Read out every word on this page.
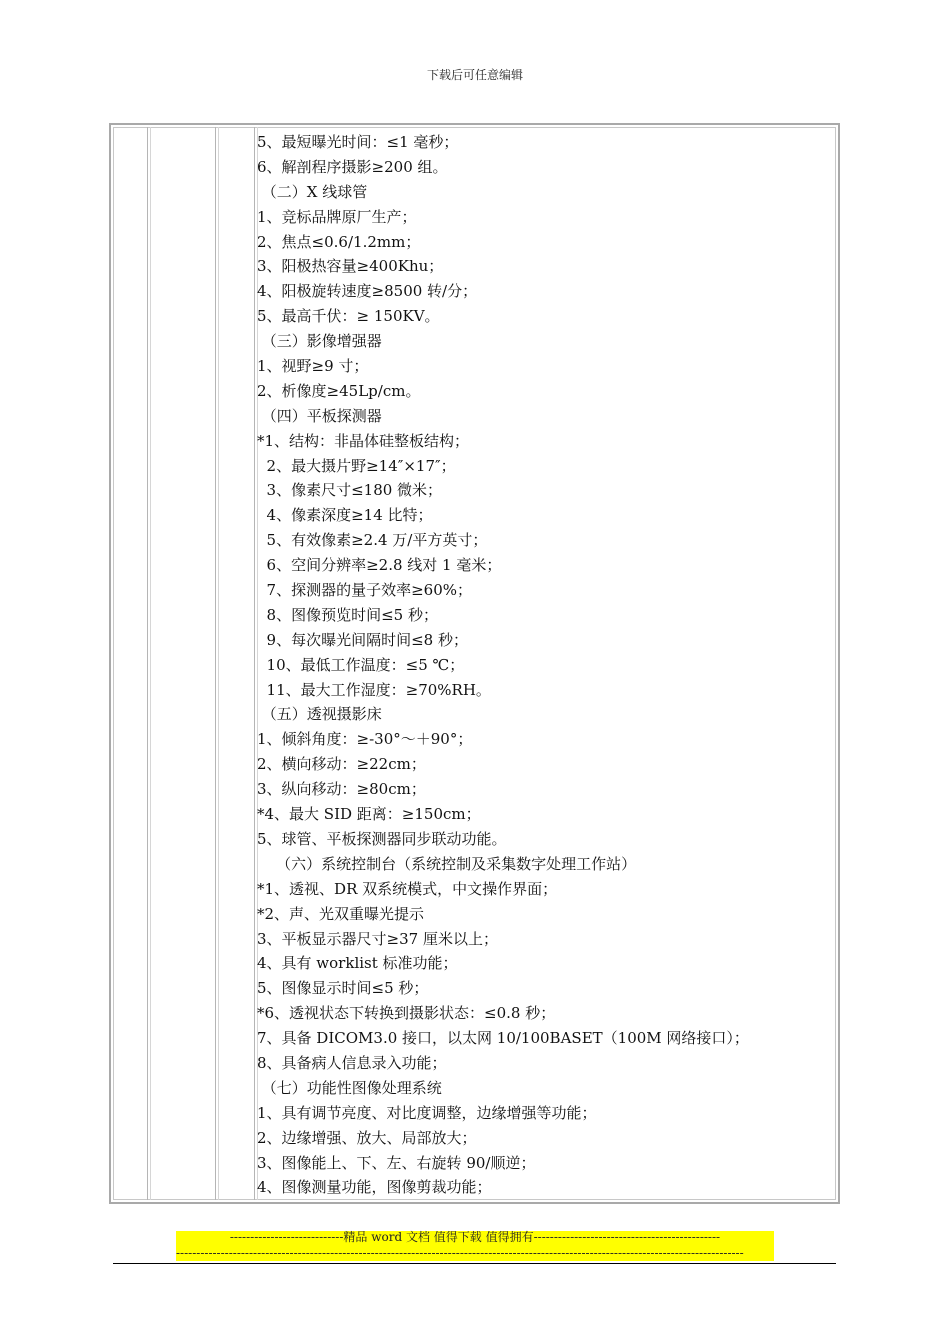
下载后可任意编辑
5、最短曝光时间：≤1 毫秒；
6、解剖程序摄影≥200 组。
（二）X 线球管
1、竞标品牌原厂生产；
2、焦点≤0.6/1.2mm；
3、阳极热容量≥400Khu；
4、阳极旋转速度≥8500 转/分；
5、最高千伏：≥ 150KV。
（三）影像增强器
1、视野≥9 寸；
2、析像度≥45Lp/cm。
（四）平板探测器
*1、结构：非晶体硅整板结构；
2、最大摄片野≥14″×17″；
3、像素尺寸≤180 微米；
4、像素深度≥14 比特；
5、有效像素≥2.4 万/平方英寸；
6、空间分辨率≥2.8 线对 1 毫米；
7、探测器的量子效率≥60%；
8、图像预览时间≤5 秒；
9、每次曝光间隔时间≤8 秒；
10、最低工作温度：≤5 ℃；
11、最大工作湿度：≥70%RH。
（五）透视摄影床
1、倾斜角度：≥-30°～＋90°；
2、横向移动：≥22cm；
3、纵向移动：≥80cm；
*4、最大 SID 距离：≥150cm；
5、球管、平板探测器同步联动功能。
（六）系统控制台（系统控制及采集数字处理工作站）
*1、透视、DR 双系统模式，中文操作界面；
*2、声、光双重曝光提示
3、平板显示器尺寸≥37 厘米以上；
4、具有 worklist 标准功能；
5、图像显示时间≤5 秒；
*6、透视状态下转换到摄影状态：≤0.8 秒；
7、具备 DICOM3.0 接口，以太网 10/100BASET（100M 网络接口）；
8、具备病人信息录入功能；
（七）功能性图像处理系统
1、具有调节亮度、对比度调整，边缘增强等功能；
2、边缘增强、放大、局部放大；
3、图像能上、下、左、右旋转 90/顺逆；
4、图像测量功能，图像剪裁功能；
----------------------------精品 word 文档 值得下载 值得拥有----------------------------------------------
--------------------------------------------------------------------------------------------------------------------------------------------
